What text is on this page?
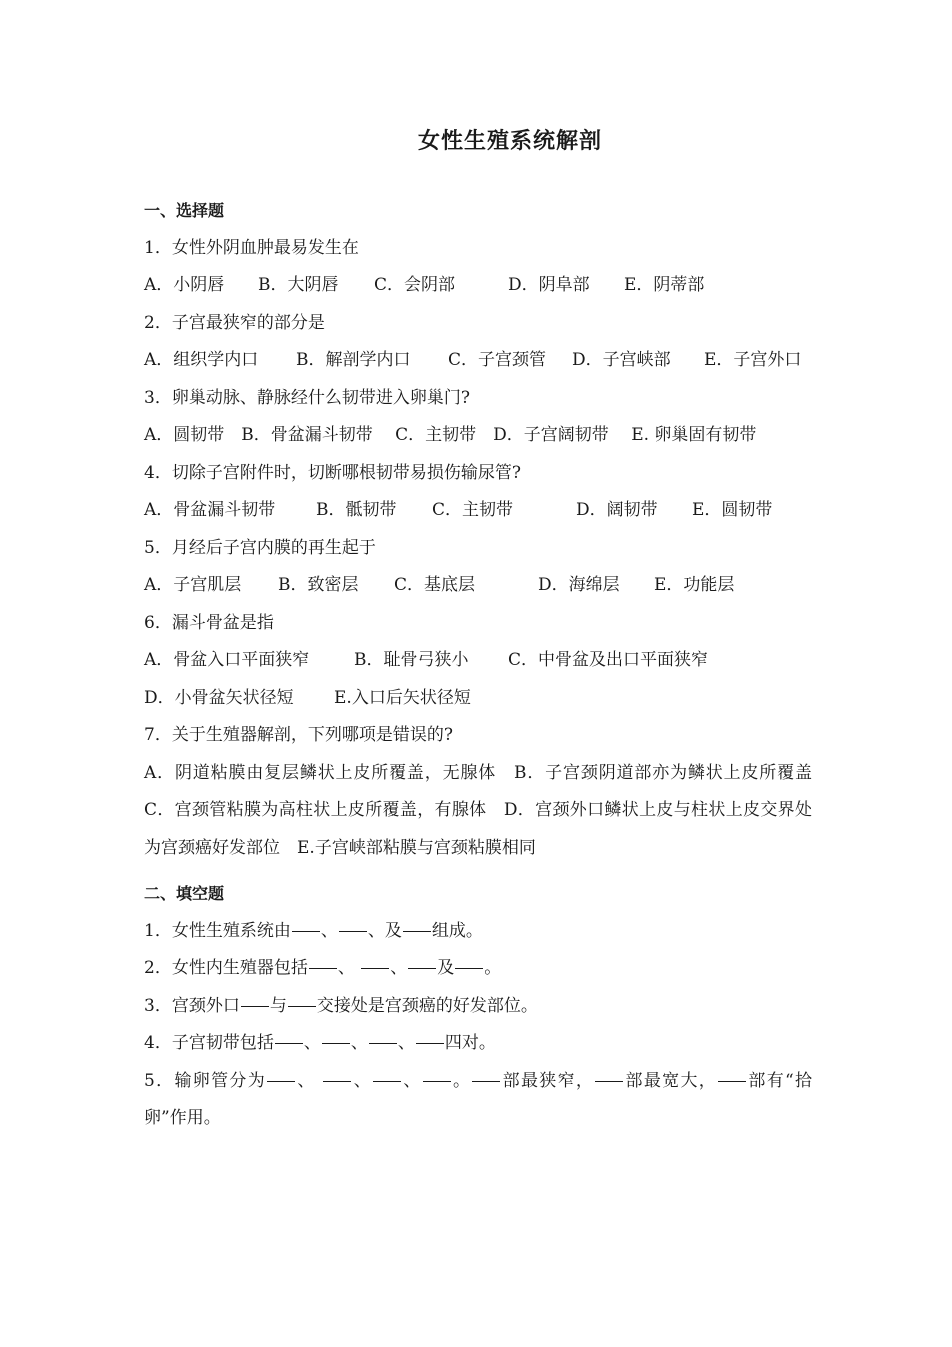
女性生殖系统解剖
一、选择题
1．女性外阴血肿最易发生在
A．小阴唇 B．大阴唇 C．会阴部	D．阴阜部 E．阴蒂部
2．子宫最狭窄的部分是
A．组织学内口 B．解剖学内口 C．子宫颈管 D．子宫峡部 E．子宫外口
3．卵巢动脉、静脉经什么韧带进入卵巢门?
A．圆韧带　B．骨盆漏斗韧带　 C．主韧带　D．子宫阔韧带　 E. 卵巢固有韧带
4．切除子宫附件时，切断哪根韧带易损伤输尿管?
A．骨盆漏斗韧带 B．骶韧带 C．主韧带	D．阔韧带 E．圆韧带
5．月经后子宫内膜的再生起于
A．子宫肌层 B．致密层 C．基底层	D．海绵层 E．功能层
6．漏斗骨盆是指
A．骨盆入口平面狭窄	B．耻骨弓狭小 C．中骨盆及出口平面狭窄
D．小骨盆矢状径短 E.入口后矢状径短
7．关于生殖器解剖，下列哪项是错误的?
A．阴道粘膜由复层鳞状上皮所覆盖，无腺体　B．子宫颈阴道部亦为鳞状上皮所覆盖　C．宫颈管粘膜为高柱状上皮所覆盖，有腺体　D．宫颈外口鳞状上皮与柱状上皮交界处为宫颈癌好发部位　E.子宫峡部粘膜与宫颈粘膜相同
二、填空题
1．女性生殖系统由 、 、及 组成。
2．女性内生殖器包括 、 、 及 。
3．宫颈外口 与 交接处是宫颈癌的好发部位。
4．子宫韧带包括 、 、 、 四对。
5．输卵管分为 、 、 、 。 部最狭窄， 部最宽大， 部有“拾卵”作用。
